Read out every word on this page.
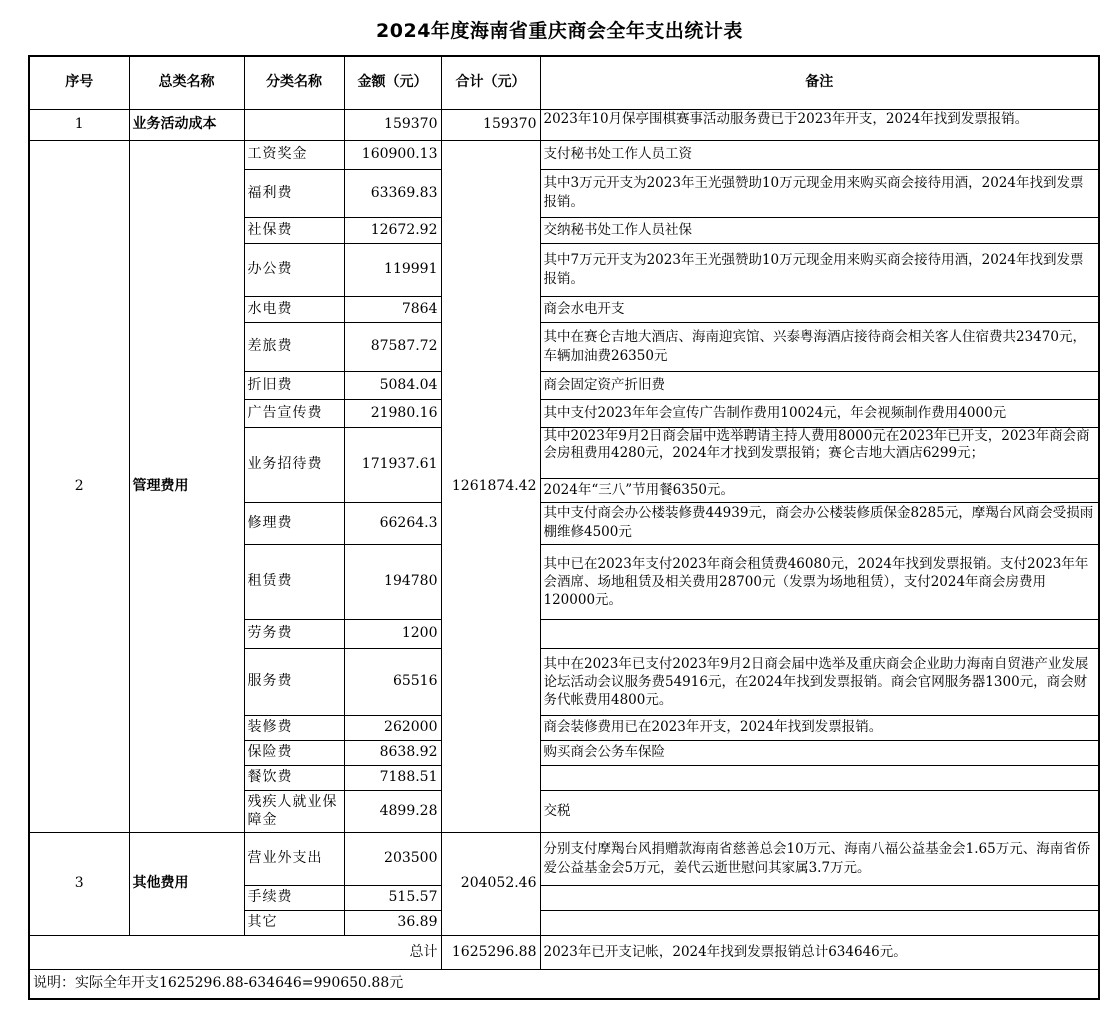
2024年度海南省重庆商会全年支出统计表
序号	总类名称	分类名称	金额（元）	合计（元）	备注
1	业务活动成本		159370	159370	2023年10月保亭围棋赛事活动服务费已于2023年开支，2024年找到发票报销。
2	管理费用	工资奖金	160900.13	1261874.42	支付秘书处工作人员工资
		福利费	63369.83		其中3万元开支为2023年王光强赞助10万元现金用来购买商会接待用酒，2024年找到发票报销。
		社保费	12672.92		交纳秘书处工作人员社保
		办公费	119991		其中7万元开支为2023年王光强赞助10万元现金用来购买商会接待用酒，2024年找到发票报销。
		水电费	7864		商会水电开支
		差旅费	87587.72		其中在赛仑吉地大酒店、海南迎宾馆、兴泰粤海酒店接待商会相关客人住宿费共23470元，车辆加油费26350元
		折旧费	5084.04		商会固定资产折旧费
		广告宣传费	21980.16		其中支付2023年年会宣传广告制作费用10024元，年会视频制作费用4000元
		业务招待费	171937.61		其中2023年9月2日商会届中选举聘请主持人费用8000元在2023年已开支，2023年商会商会房租费用4280元，2024年才找到发票报销；赛仑吉地大酒店6299元；
					2024年“三八”节用餐6350元。
		修理费	66264.3		其中支付商会办公楼装修费44939元，商会办公楼装修质保金8285元，摩羯台风商会受损雨棚维修4500元
		租赁费	194780		其中已在2023年支付2023年商会租赁费46080元，2024年找到发票报销。支付2023年年会酒席、场地租赁及相关费用28700元（发票为场地租赁），支付2024年商会房费用120000元。
		劳务费	1200		
		服务费	65516		其中在2023年已支付2023年9月2日商会届中选举及重庆商会企业助力海南自贸港产业发展论坛活动会议服务费54916元，在2024年找到发票报销。商会官网服务器1300元，商会财务代帐费用4800元。
		装修费	262000		商会装修费用已在2023年开支，2024年找到发票报销。
		保险费	8638.92		购买商会公务车保险
		餐饮费	7188.51		
		残疾人就业保障金	4899.28		交税
3	其他费用	营业外支出	203500	204052.46	分别支付摩羯台风捐赠款海南省慈善总会10万元、海南八福公益基金会1.65万元、海南省侨爱公益基金会5万元，姜代云逝世慰问其家属3.7万元。
		手续费	515.57		
		其它	36.89		
总计				1625296.88	2023年已开支记帐，2024年找到发票报销总计634646元。
说明：实际全年开支1625296.88-634646=990650.88元					
